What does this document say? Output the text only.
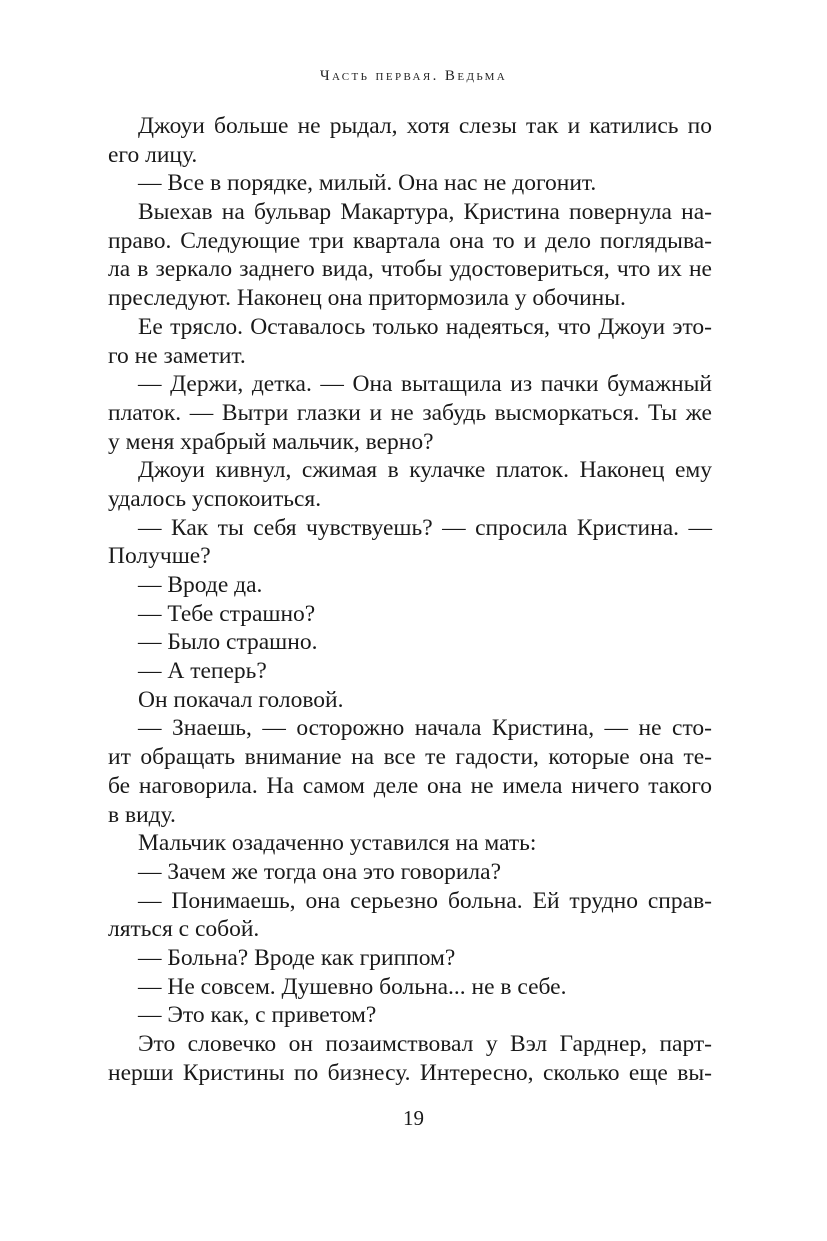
Часть первая. Ведьма
Джоуи больше не рыдал, хотя слезы так и катились по
его лицу.
— Все в порядке, милый. Она нас не догонит.
Выехав на бульвар Макартура, Кристина повернула на-
право. Следующие три квартала она то и дело поглядыва-
ла в зеркало заднего вида, чтобы удостовериться, что их не
преследуют. Наконец она притормозила у обочины.
Ее трясло. Оставалось только надеяться, что Джоуи это-
го не заметит.
— Держи, детка. — Она вытащила из пачки бумажный
платок. — Вытри глазки и не забудь высморкаться. Ты же
у меня храбрый мальчик, верно?
Джоуи кивнул, сжимая в кулачке платок. Наконец ему
удалось успокоиться.
— Как ты себя чувствуешь? — спросила Кристина. —
Получше?
— Вроде да.
— Тебе страшно?
— Было страшно.
— А теперь?
Он покачал головой.
— Знаешь, — осторожно начала Кристина, — не сто-
ит обращать внимание на все те гадости, которые она те-
бе наговорила. На самом деле она не имела ничего такого
в виду.
Мальчик озадаченно уставился на мать:
— Зачем же тогда она это говорила?
— Понимаешь, она серьезно больна. Ей трудно справ-
ляться с собой.
— Больна? Вроде как гриппом?
— Не совсем. Душевно больна... не в себе.
— Это как, с приветом?
Это словечко он позаимствовал у Вэл Гарднер, парт-
нерши Кристины по бизнесу. Интересно, сколько еще вы-
19
